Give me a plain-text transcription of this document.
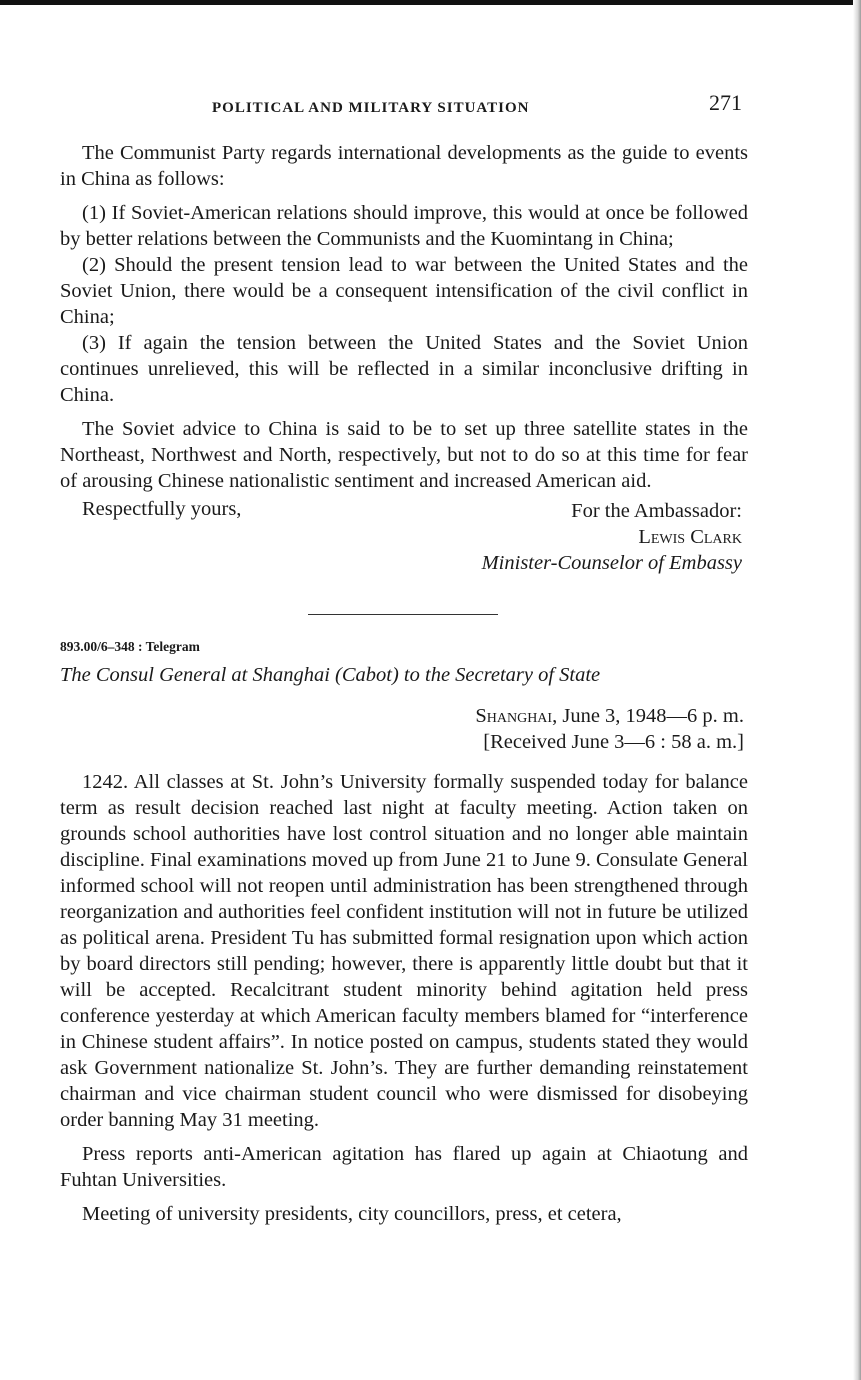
POLITICAL AND MILITARY SITUATION	271

The Communist Party regards international developments as the guide to events in China as follows:

(1) If Soviet-American relations should improve, this would at once be followed by better relations between the Communists and the Kuomintang in China;

(2) Should the present tension lead to war between the United States and the Soviet Union, there would be a consequent intensification of the civil conflict in China;

(3) If again the tension between the United States and the Soviet Union continues unrelieved, this will be reflected in a similar inconclusive drifting in China.

The Soviet advice to China is said to be to set up three satellite states in the Northeast, Northwest and North, respectively, but not to do so at this time for fear of arousing Chinese nationalistic sentiment and increased American aid.

Respectfully yours,	For the Ambassador:
Lewis Clark
Minister-Counselor of Embassy
893.00/6–348 : Telegram
The Consul General at Shanghai (Cabot) to the Secretary of State
Shanghai, June 3, 1948—6 p. m.
[Received June 3—6 : 58 a. m.]

1242. All classes at St. John’s University formally suspended today for balance term as result decision reached last night at faculty meeting. Action taken on grounds school authorities have lost control situation and no longer able maintain discipline. Final examinations moved up from June 21 to June 9. Consulate General informed school will not reopen until administration has been strengthened through reorganization and authorities feel confident institution will not in future be utilized as political arena. President Tu has submitted formal resignation upon which action by board directors still pending; however, there is apparently little doubt but that it will be accepted. Recalcitrant student minority behind agitation held press conference yesterday at which American faculty members blamed for “interference in Chinese student affairs”. In notice posted on campus, students stated they would ask Government nationalize St. John’s. They are further demanding reinstatement chairman and vice chairman student council who were dismissed for disobeying order banning May 31 meeting.

Press reports anti-American agitation has flared up again at Chiaotung and Fuhtan Universities.

Meeting of university presidents, city councillors, press, et cetera,
